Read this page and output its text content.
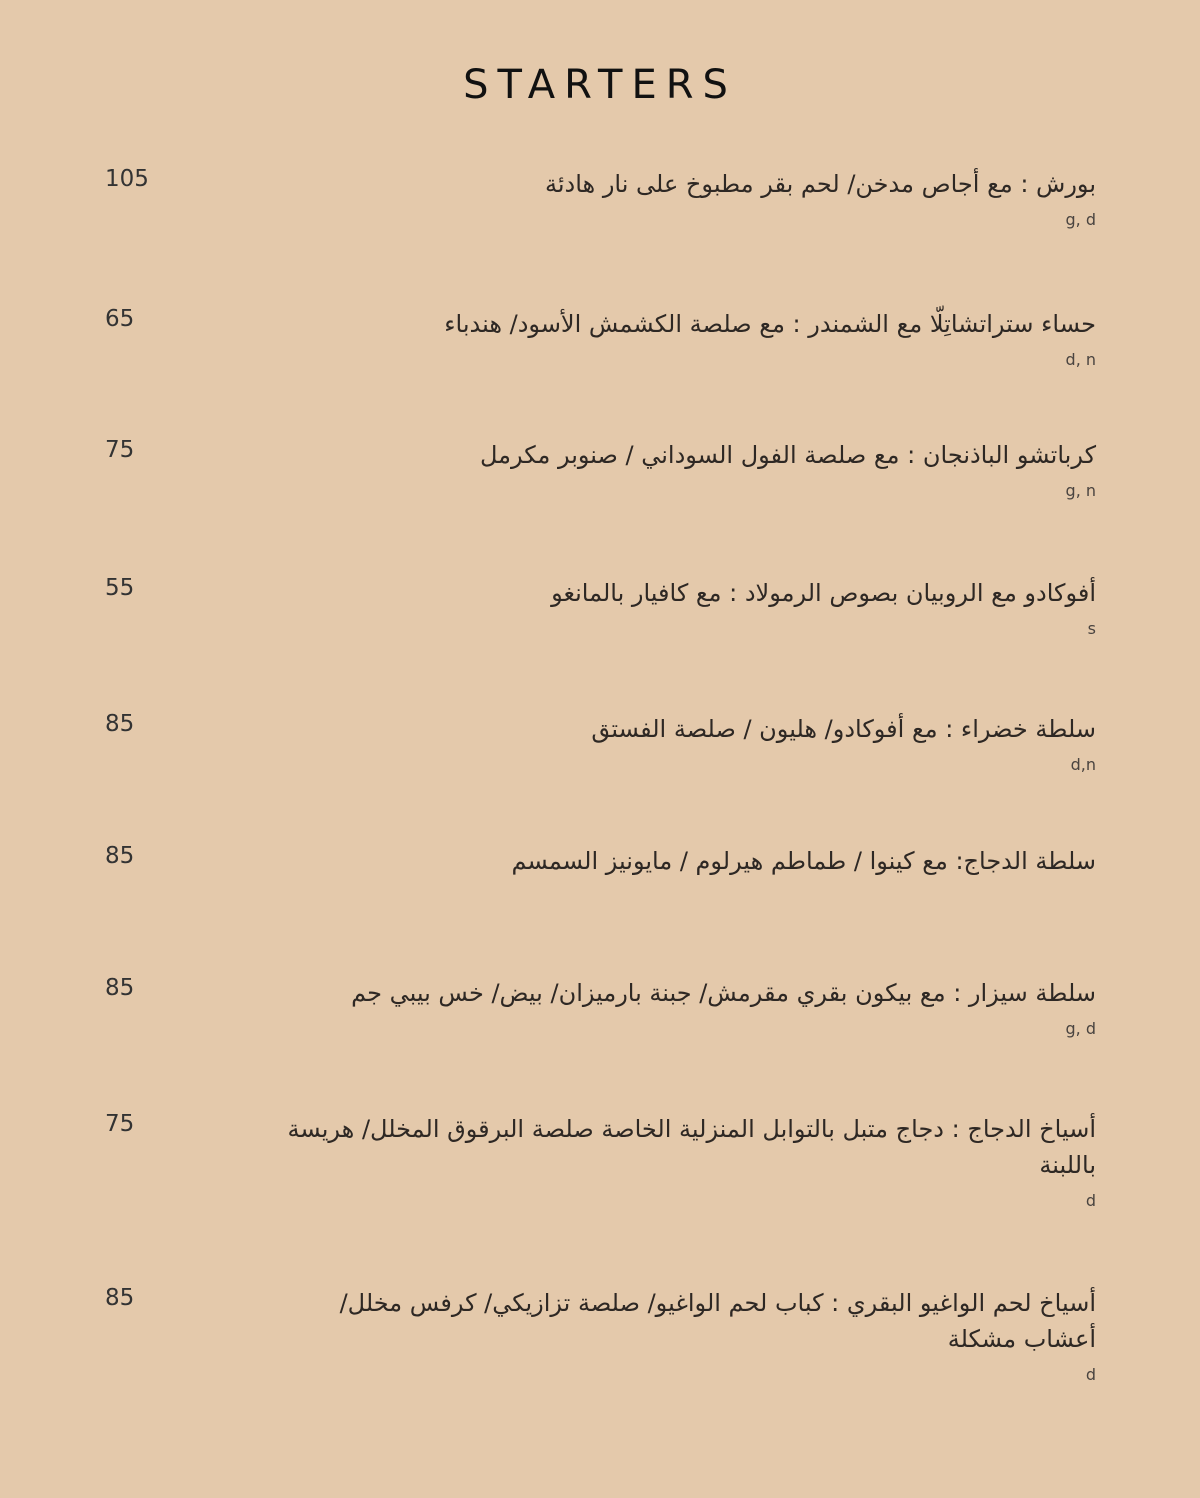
STARTERS
بورش : مع أجاص مدخن/ لحم بقر مطبوخ على نار هادئة
g, d
105
حساء ستراتشاتِلّا مع الشمندر : مع صلصة الكشمش الأسود/ هندباء
d, n
65
كرباتشو الباذنجان : مع صلصة الفول السوداني / صنوبر مكرمل
g, n
75
أفوكادو مع الروبيان بصوص الرمولاد : مع كافيار بالمانغو
s
55
سلطة خضراء : مع أفوكادو/ هليون / صلصة الفستق
d,n
85
سلطة الدجاج: مع كينوا / طماطم هيرلوم / مايونيز السمسم
85
سلطة سيزار : مع بيكون بقري مقرمش/ جبنة بارميزان/ بيض/ خس بيبي جم
g, d
85
أسياخ الدجاج : دجاج متبل بالتوابل المنزلية الخاصة صلصة البرقوق المخلل/ هريسة باللبنة
d
75
أسياخ لحم الواغيو البقري : كباب لحم الواغيو/ صلصة تزازيكي/ كرفس مخلل/ أعشاب مشكلة
d
85
